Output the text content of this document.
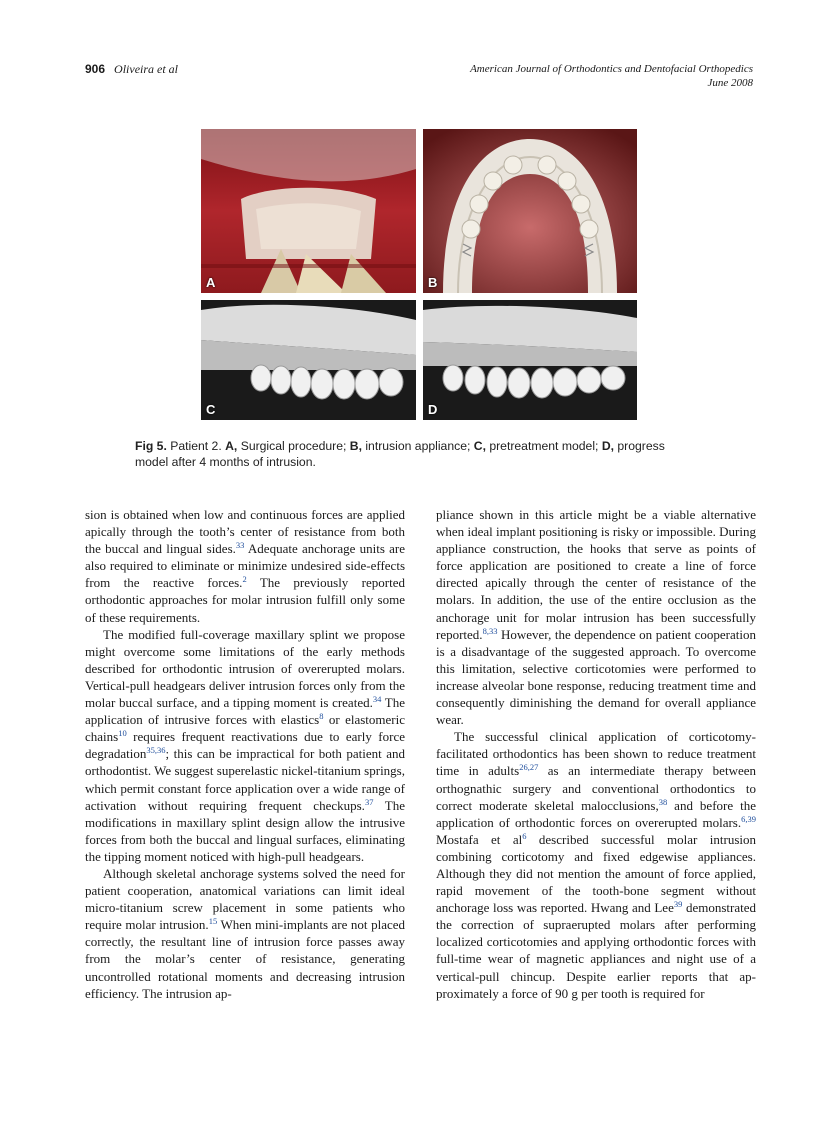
906 Oliveira et al	American Journal of Orthodontics and Dentofacial Orthopedics
June 2008
A	B
C	D
Fig 5. Patient 2. A, Surgical procedure; B, intrusion appliance; C, pretreatment model; D, progress
model after 4 months of intrusion.

sion is obtained when low and continuous forces are applied apically through the tooth’s center of resistance from both the buccal and lingual sides.$^{33}$ Adequate anchorage units are also required to eliminate or minimize undesired side-effects from the reactive forces.$^2$ The previously reported orthodontic approaches for molar intrusion fulfill only some of these requirements.

The modified full-coverage maxillary splint we propose might overcome some limitations of the early methods described for orthodontic intrusion of overerupted molars. Vertical-pull headgears deliver intrusion forces only from the molar buccal surface, and a tipping moment is created.$^{34}$ The application of intrusive forces with elastics$^8$ or elastomeric chains$^{10}$ requires frequent reactivations due to early force degradation$^{35,36}$; this can be impractical for both patient and orthodontist. We suggest superelastic nickel-titanium springs, which permit constant force application over a wide range of activation without requiring frequent checkups.$^{37}$ The modifications in maxillary splint design allow the intrusive forces from both the buccal and lingual surfaces, eliminating the tipping moment noticed with high-pull headgears.

Although skeletal anchorage systems solved the need for patient cooperation, anatomical variations can limit ideal micro-titanium screw placement in some patients who require molar intrusion.$^{15}$ When mini-implants are not placed correctly, the resultant line of intrusion force passes away from the molar’s center of resistance, generating uncontrolled rotational moments and decreasing intrusion efficiency. The intrusion ap-

pliance shown in this article might be a viable alternative when ideal implant positioning is risky or impossible. During appliance construction, the hooks that serve as points of force application are positioned to create a line of force directed apically through the center of resistance of the molars. In addition, the use of the entire occlusion as the anchorage unit for molar intrusion has been successfully reported.$^{8,33}$ However, the dependence on patient cooperation is a disadvantage of the suggested approach. To overcome this limitation, selective corticotomies were performed to increase alveolar bone response, reducing treatment time and consequently diminishing the demand for overall appliance wear.

The successful clinical application of corticotomy-facilitated orthodontics has been shown to reduce treatment time in adults$^{26,27}$ as an intermediate therapy between orthognathic surgery and conventional orthodontics to correct moderate skeletal malocclusions,$^{38}$ and before the application of orthodontic forces on overerupted molars.$^{6,39}$ Mostafa et $al^6$ described successful molar intrusion combining corticotomy and fixed edgewise appliances. Although they did not mention the amount of force applied, rapid movement of the tooth-bone segment without anchorage loss was reported. Hwang and Lee$^{39}$ demonstrated the correction of supraerupted molars after performing localized corticotomies and applying orthodontic forces with full-time wear of magnetic appliances and night use of a vertical-pull chincup. Despite earlier reports that approximately a force of 90 g per tooth is required for
